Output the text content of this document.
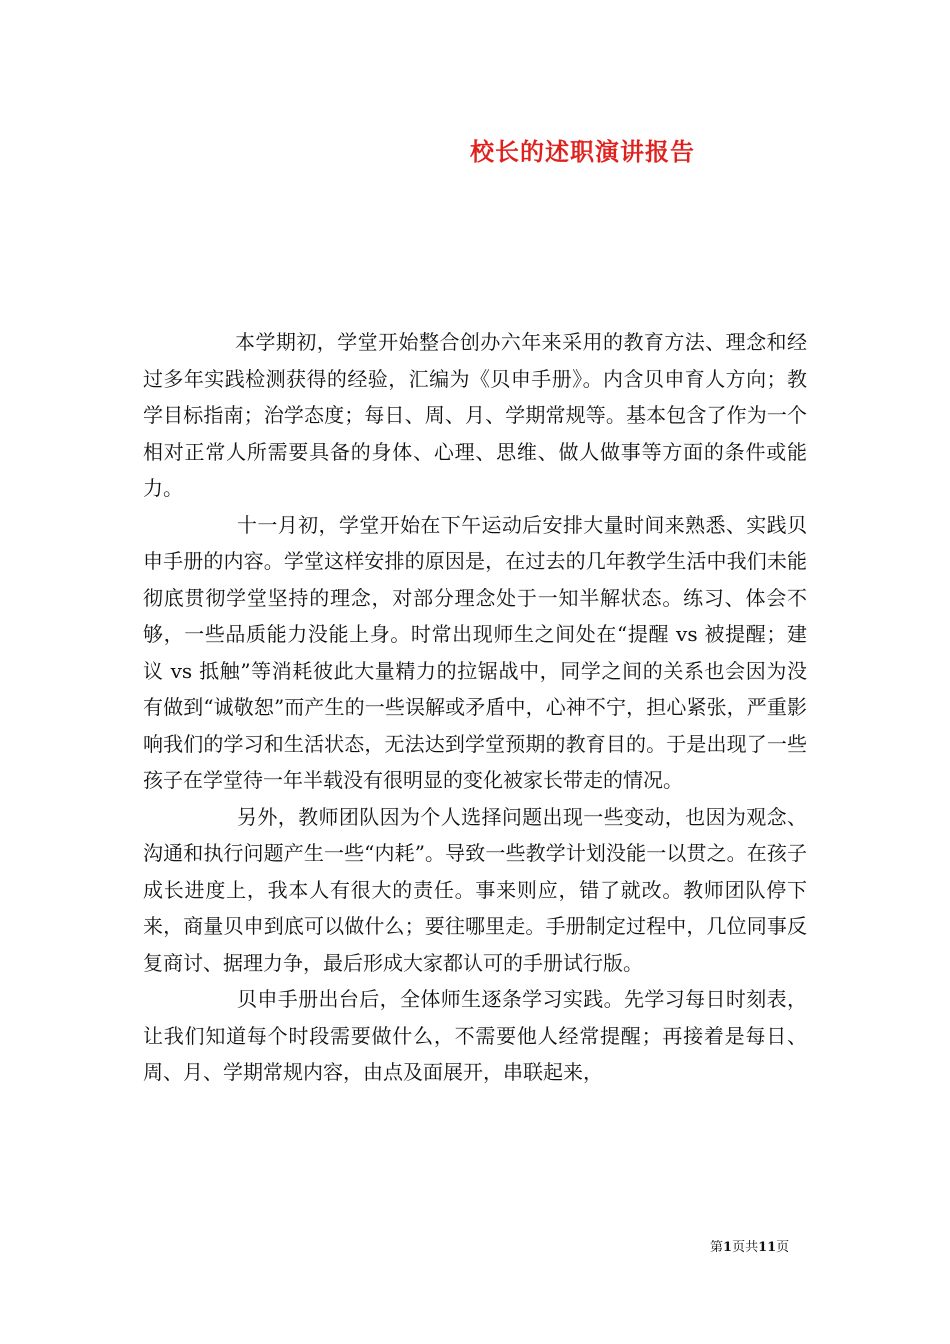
校长的述职演讲报告

本学期初，学堂开始整合创办六年来采用的教育方法、理念和经过多年实践检测获得的经验，汇编为《贝申手册》。内含贝申育人方向；教学目标指南；治学态度；每日、周、月、学期常规等。基本包含了作为一个相对正常人所需要具备的身体、心理、思维、做人做事等方面的条件或能力。

十一月初，学堂开始在下午运动后安排大量时间来熟悉、实践贝申手册的内容。学堂这样安排的原因是，在过去的几年教学生活中我们未能彻底贯彻学堂坚持的理念，对部分理念处于一知半解状态。练习、体会不够，一些品质能力没能上身。时常出现师生之间处在“提醒 vs 被提醒；建议 vs 抵触”等消耗彼此大量精力的拉锯战中，同学之间的关系也会因为没有做到“诚敬恕”而产生的一些误解或矛盾中，心神不宁，担心紧张，严重影响我们的学习和生活状态，无法达到学堂预期的教育目的。于是出现了一些孩子在学堂待一年半载没有很明显的变化被家长带走的情况。

另外，教师团队因为个人选择问题出现一些变动，也因为观念、沟通和执行问题产生一些“内耗”。导致一些教学计划没能一以贯之。在孩子成长进度上，我本人有很大的责任。事来则应，错了就改。教师团队停下来，商量贝申到底可以做什么；要往哪里走。手册制定过程中，几位同事反复商讨、据理力争，最后形成大家都认可的手册试行版。

贝申手册出台后，全体师生逐条学习实践。先学习每日时刻表，让我们知道每个时段需要做什么，不需要他人经常提醒；再接着是每日、周、月、学期常规内容，由点及面展开，串联起来，

第1页共11页
